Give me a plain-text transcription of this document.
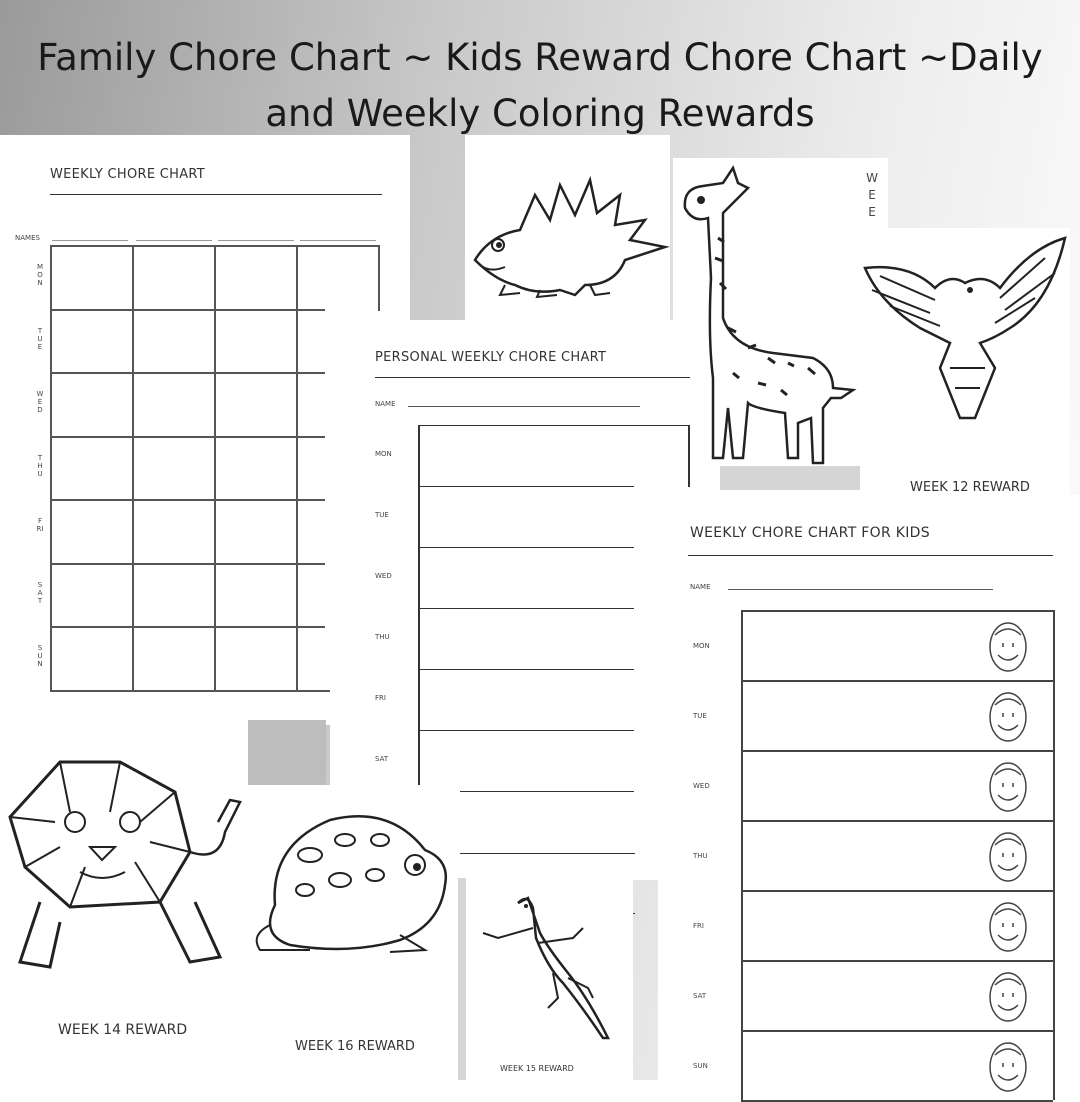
Family Chore Chart ~ Kids Reward Chore Chart ~Daily
and Weekly Coloring Rewards
WEEKLY CHORE CHART
NAMES
MON
TUE
WED
THU
FRI
SAT
SUN
WEE
WEEK 12 REWARD
PERSONAL WEEKLY CHORE CHART
NAME
MON
TUE
WED
THU
FRI
SAT
WEEK 14 REWARD
WEEK 16 REWARD
WEEK 15 REWARD
WEEKLY CHORE CHART FOR KIDS
NAME
MON
TUE
WED
THU
FRI
SAT
SUN
